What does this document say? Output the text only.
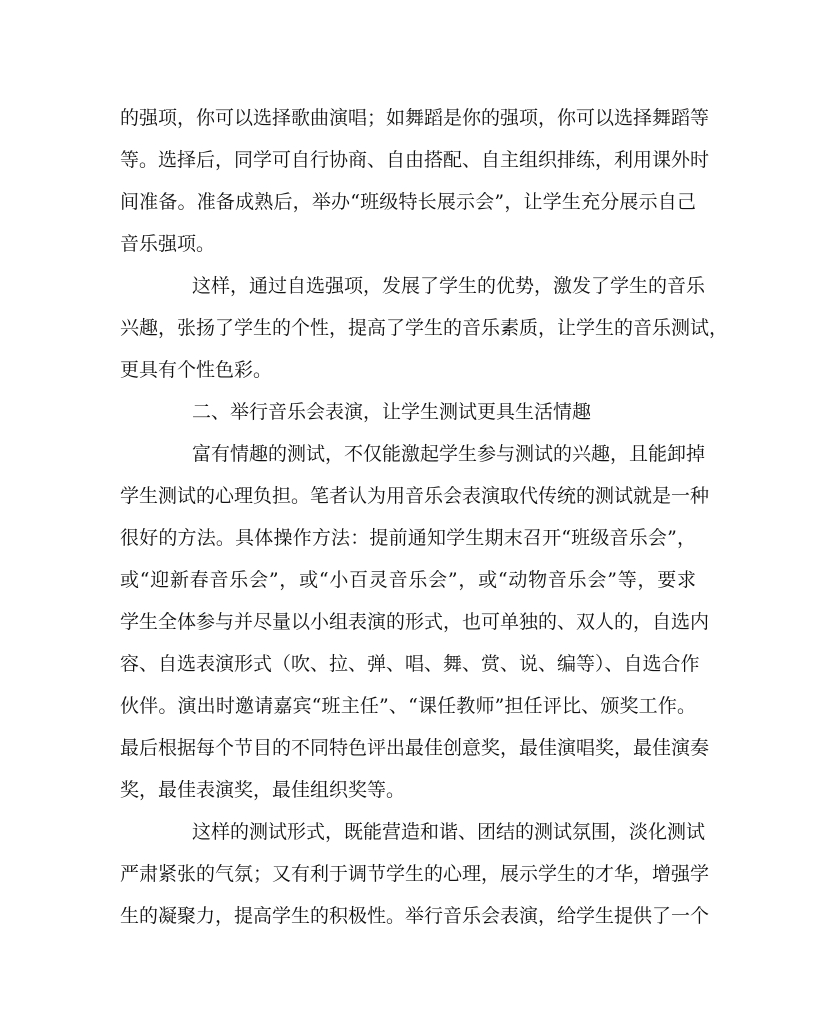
的强项，你可以选择歌曲演唱；如舞蹈是你的强项，你可以选择舞蹈等

等。选择后，同学可自行协商、自由搭配、自主组织排练，利用课外时

间准备。准备成熟后，举办“班级特长展示会”，让学生充分展示自己

音乐强项。

这样，通过自选强项，发展了学生的优势，激发了学生的音乐

兴趣，张扬了学生的个性，提高了学生的音乐素质，让学生的音乐测试，

更具有个性色彩。

二、举行音乐会表演，让学生测试更具生活情趣

富有情趣的测试，不仅能激起学生参与测试的兴趣，且能卸掉

学生测试的心理负担。笔者认为用音乐会表演取代传统的测试就是一种

很好的方法。具体操作方法：提前通知学生期末召开“班级音乐会”，

或“迎新春音乐会”，或“小百灵音乐会”，或“动物音乐会”等，要求

学生全体参与并尽量以小组表演的形式，也可单独的、双人的，自选内

容、自选表演形式（吹、拉、弹、唱、舞、赏、说、编等）、自选合作

伙伴。演出时邀请嘉宾“班主任”、“课任教师”担任评比、颁奖工作。

最后根据每个节目的不同特色评出最佳创意奖，最佳演唱奖，最佳演奏

奖，最佳表演奖，最佳组织奖等。

这样的测试形式，既能营造和谐、团结的测试氛围，淡化测试

严肃紧张的气氛；又有利于调节学生的心理，展示学生的才华，增强学

生的凝聚力，提高学生的积极性。举行音乐会表演，给学生提供了一个
